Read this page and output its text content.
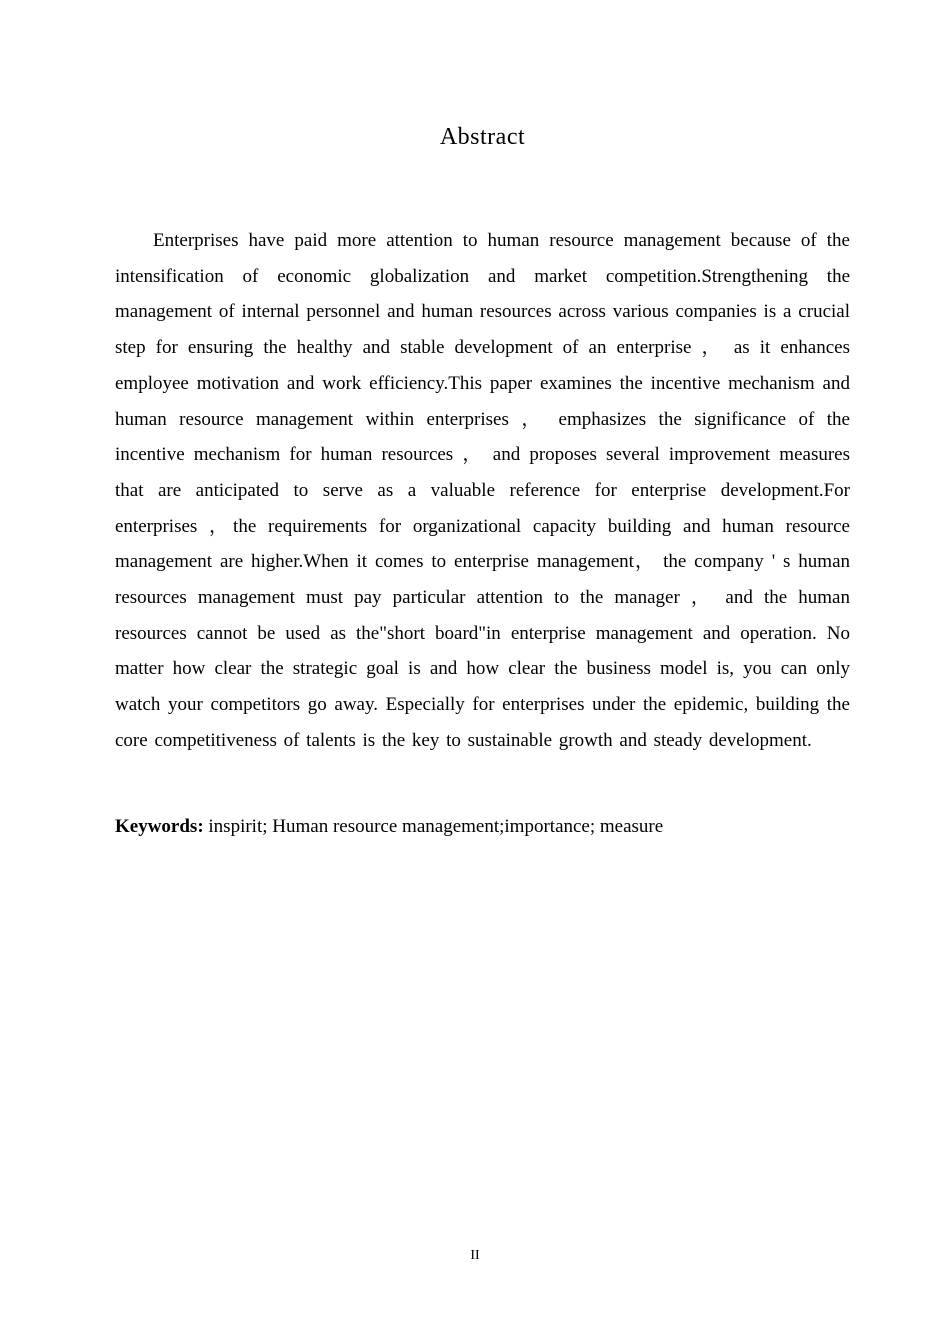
Abstract

Enterprises have paid more attention to human resource management because of the intensification of economic globalization and market competition.Strengthening the management of internal personnel and human resources across various companies is a crucial step for ensuring the healthy and stable development of an enterprise ， as it enhances employee motivation and work efficiency.This paper examines the incentive mechanism and human resource management within enterprises ， emphasizes the significance of the incentive mechanism for human resources ， and proposes several improvement measures that are anticipated to serve as a valuable reference for enterprise development.For enterprises ，the requirements for organizational capacity building and human resource management are higher.When it comes to enterprise management， the company ' s human resources management must pay particular attention to the manager ， and the human resources cannot be used as the"short board"in enterprise management and operation. No matter how clear the strategic goal is and how clear the business model is, you can only watch your competitors go away. Especially for enterprises under the epidemic, building the core competitiveness of talents is the key to sustainable growth and steady development.

Keywords: inspirit; Human resource management;importance; measure

II
